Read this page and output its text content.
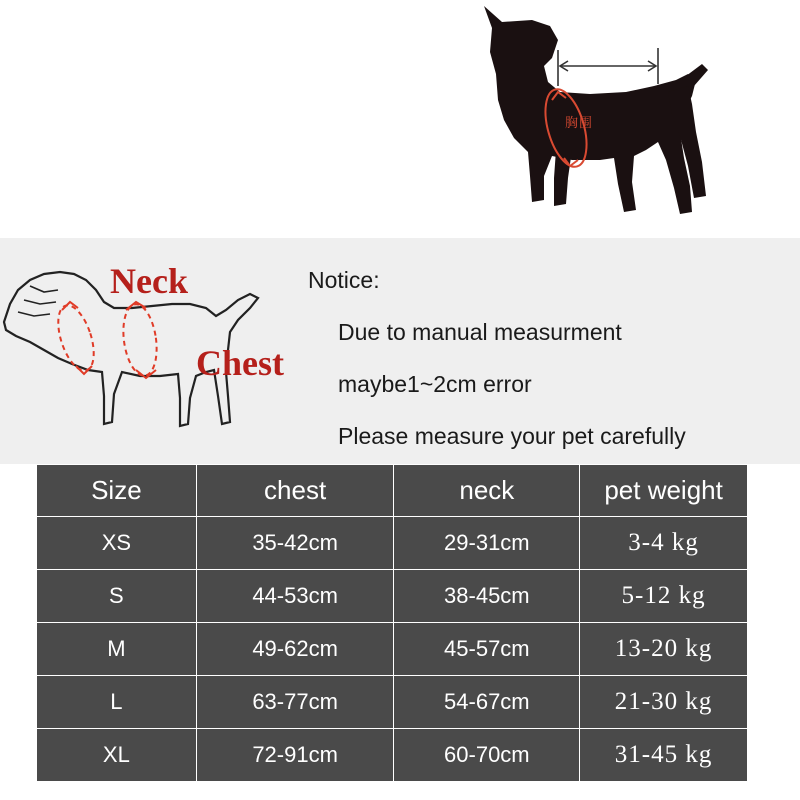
胸围
Neck
Chest
Notice:
Due to manual measurment
maybe1~2cm error
Please measure your pet carefully
Size	chest	neck	pet weight
XS	35-42cm	29-31cm	3-4 kg
S	44-53cm	38-45cm	5-12 kg
M	49-62cm	45-57cm	13-20 kg
L	63-77cm	54-67cm	21-30 kg
XL	72-91cm	60-70cm	31-45 kg
